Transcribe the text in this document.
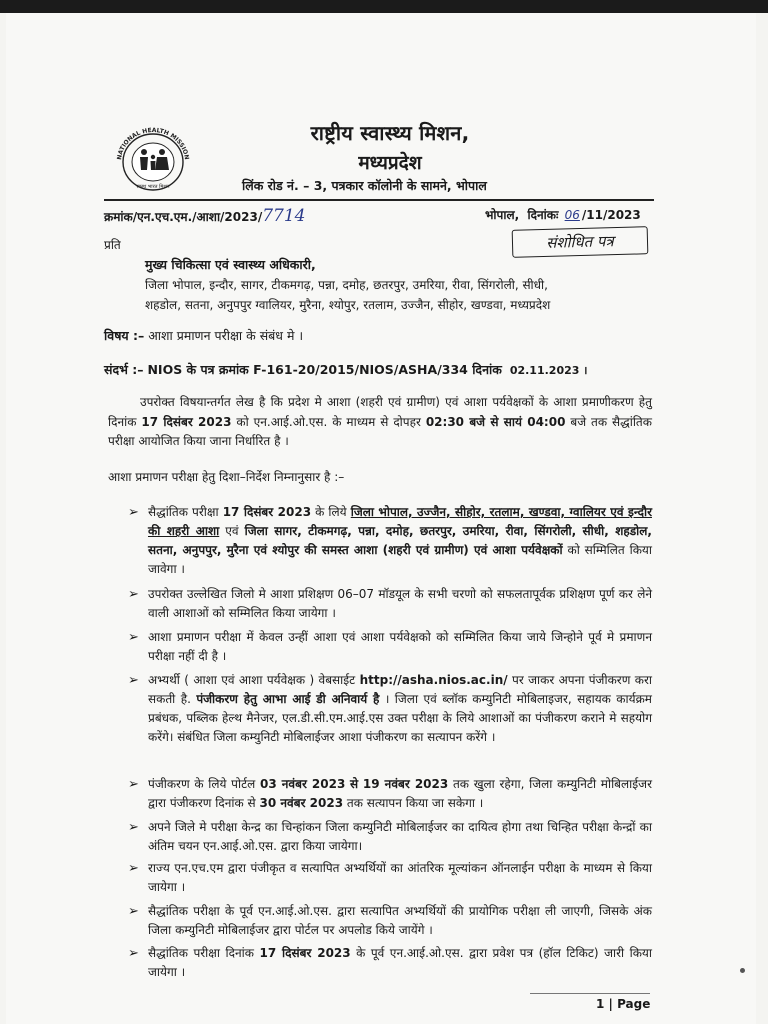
NATIONAL HEALTH MISSION
स्वस्थ भारत मिशन
राष्ट्रीय स्वास्थ्य मिशन,
मध्यप्रदेश
लिंक रोड नं. – 3, पत्रकार कॉलोनी के सामने, भोपाल
क्रमांक/एन.एच.एम./आशा/2023/7714	भोपाल, दिनांकः 06 /11/2023
प्रति	संशोधित पत्र
मुख्य चिकित्सा एवं स्वास्थ्य अधिकारी,
जिला भोपाल, इन्दौर, सागर, टीकमगढ़, पन्ना, दमोह, छतरपुर, उमरिया, रीवा, सिंगरोली, सीधी,
शहडोल, सतना, अनुपपुर ग्वालियर, मुरैना, श्योपुर, रतलाम, उज्जैन, सीहोर, खण्डवा, मध्यप्रदेश
विषय :– आशा प्रमाणन परीक्षा के संबंध मे ।
संदर्भ :– NIOS के पत्र क्रमांक F-161-20/2015/NIOS/ASHA/334 दिनांक 02.11.2023 ।
उपरोक्त विषयान्तर्गत लेख है कि प्रदेश मे आशा (शहरी एवं ग्रामीण) एवं आशा पर्यवेक्षकों के आशा प्रमाणीकरण हेतु दिनांक 17 दिसंबर 2023 को एन.आई.ओ.एस. के माध्यम से दोपहर 02:30 बजे से सायं 04:00 बजे तक सैद्धांतिक परीक्षा आयोजित किया जाना निर्धारित है ।
आशा प्रमाणन परीक्षा हेतु दिशा–निर्देश निम्नानुसार है :–
➢ सैद्धांतिक परीक्षा 17 दिसंबर 2023 के लिये जिला भोपाल, उज्जैन, सीहोर, रतलाम, खण्डवा, ग्वालियर एवं इन्दौर की शहरी आशा एवं जिला सागर, टीकमगढ़, पन्ना, दमोह, छतरपुर, उमरिया, रीवा, सिंगरोली, सीधी, शहडोल, सतना, अनुपपुर, मुरैना एवं श्योपुर की समस्त आशा (शहरी एवं ग्रामीण) एवं आशा पर्यवेक्षकों को सम्मिलित किया जावेगा ।
➢ उपरोक्त उल्लेखित जिलो मे आशा प्रशिक्षण 06–07 मॉडयूल के सभी चरणो को सफलतापूर्वक प्रशिक्षण पूर्ण कर लेने वाली आशाओं को सम्मिलित किया जायेगा ।
➢ आशा प्रमाणन परीक्षा में केवल उन्हीं आशा एवं आशा पर्यवेक्षको को सम्मिलित किया जाये जिन्होने पूर्व मे प्रमाणन परीक्षा नहीं दी है ।
➢ अभ्यर्थी ( आशा एवं आशा पर्यवेक्षक ) वेबसाईट http://asha.nios.ac.in/ पर जाकर अपना पंजीकरण करा सकती है. पंजीकरण हेतु आभा आई डी अनिवार्य है । जिला एवं ब्लॉक कम्युनिटी मोबिलाइजर, सहायक कार्यक्रम प्रबंधक, पब्लिक हेल्थ मैनेजर, एल.डी.सी.एम.आई.एस उक्त परीक्षा के लिये आशाओं का पंजीकरण कराने मे सहयोग करेंगे। संबंधित जिला कम्युनिटी मोबिलाईजर आशा पंजीकरण का सत्यापन करेंगे ।
➢ पंजीकरण के लिये पोर्टल 03 नवंबर 2023 से 19 नवंबर 2023 तक खुला रहेगा, जिला कम्युनिटी मोबिलाईजर द्वारा पंजीकरण दिनांक से 30 नवंबर 2023 तक सत्यापन किया जा सकेगा ।
➢ अपने जिले मे परीक्षा केन्द्र का चिन्हांकन जिला कम्युनिटी मोबिलाईजर का दायित्व होगा तथा चिन्हित परीक्षा केन्द्रों का अंतिम चयन एन.आई.ओ.एस. द्वारा किया जायेगा।
➢ राज्य एन.एच.एम द्वारा पंजीकृत व सत्यापित अभ्यर्थियों का आंतरिक मूल्यांकन ऑनलाईन परीक्षा के माध्यम से किया जायेगा ।
➢ सैद्धांतिक परीक्षा के पूर्व एन.आई.ओ.एस. द्वारा सत्यापित अभ्यर्थियों की प्रायोगिक परीक्षा ली जाएगी, जिसके अंक जिला कम्युनिटी मोबिलाईजर द्वारा पोर्टल पर अपलोड किये जायेंगे ।
➢ सैद्धांतिक परीक्षा दिनांक 17 दिसंबर 2023 के पूर्व एन.आई.ओ.एस. द्वारा प्रवेश पत्र (हॉल टिकिट) जारी किया जायेगा ।
1 | Page
